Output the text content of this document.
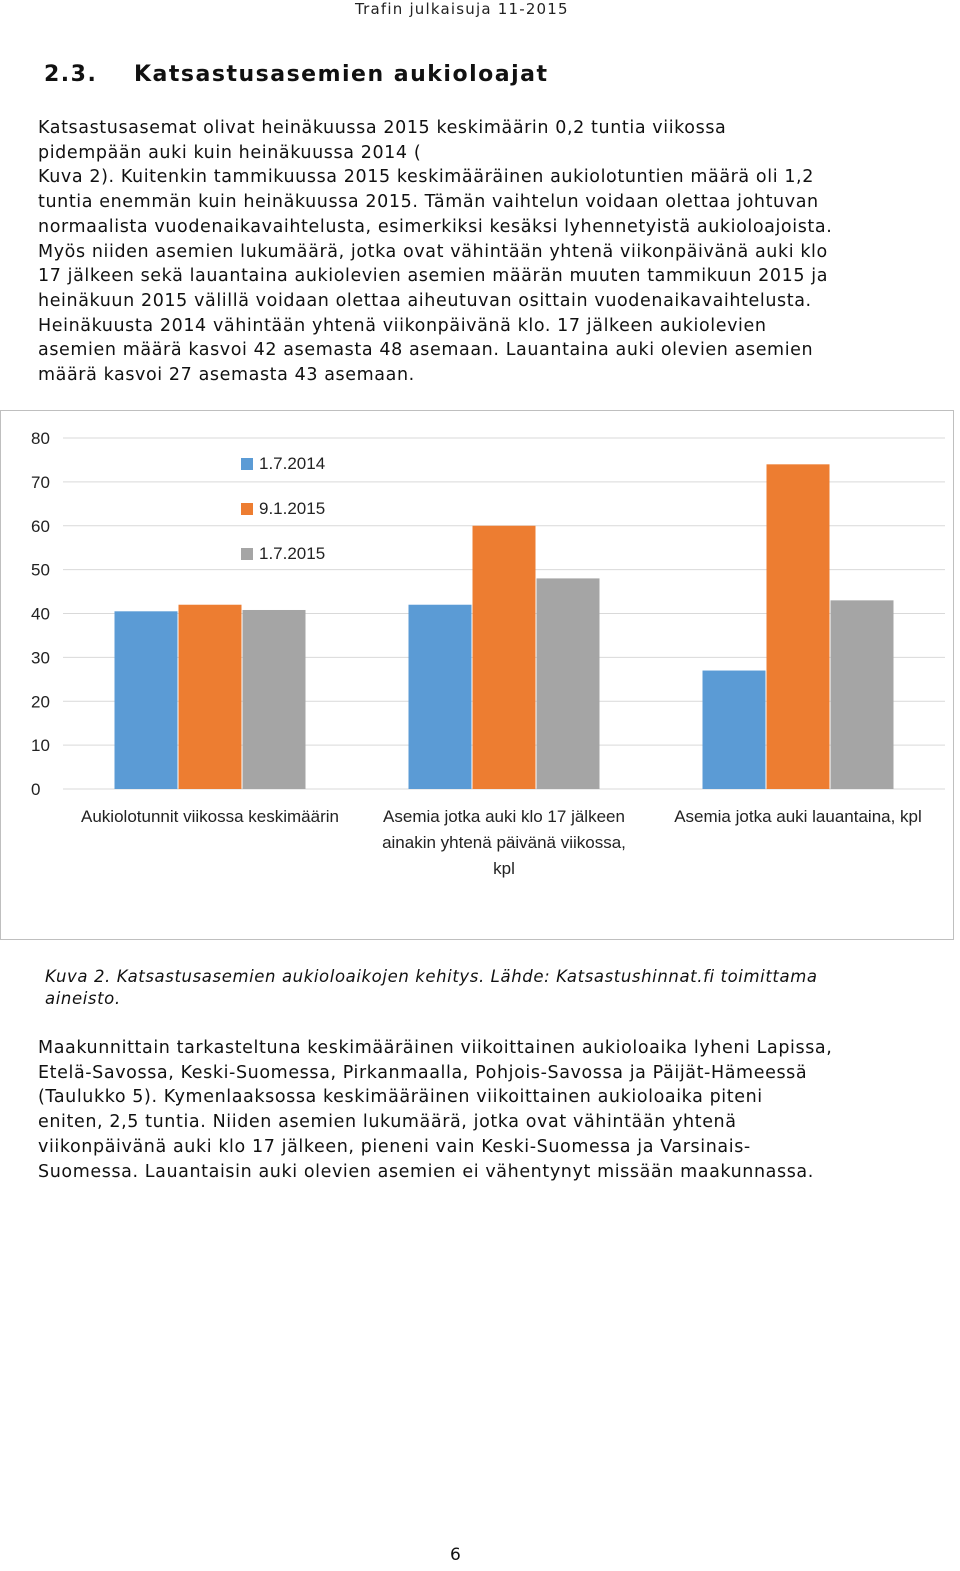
Trafin julkaisuja 11-2015
2.3. Katsastusasemien aukioloajat

Katsastusasemat olivat heinäkuussa 2015 keskimäärin 0,2 tuntia viikossa
pidempään auki kuin heinäkuussa 2014 (
Kuva 2). Kuitenkin tammikuussa 2015 keskimääräinen aukiolotuntien määrä oli 1,2
tuntia enemmän kuin heinäkuussa 2015. Tämän vaihtelun voidaan olettaa johtuvan
normaalista vuodenaikavaihtelusta, esimerkiksi kesäksi lyhennetyistä aukioloajoista.
Myös niiden asemien lukumäärä, jotka ovat vähintään yhtenä viikonpäivänä auki klo
17 jälkeen sekä lauantaina aukiolevien asemien määrän muuten tammikuun 2015 ja
heinäkuun 2015 välillä voidaan olettaa aiheutuvan osittain vuodenaikavaihtelusta.
Heinäkuusta 2014 vähintään yhtenä viikonpäivänä klo. 17 jälkeen aukiolevien
asemien määrä kasvoi 42 asemasta 48 asemaan. Lauantaina auki olevien asemien
määrä kasvoi 27 asemasta 43 asemaan.

0
10
20
30
40
50
60
70
80
Aukiolotunnit viikossa keskimäärin	Asemia jotka auki klo 17 jälkeen
ainakin yhtenä päivänä viikossa,
kpl
Asemia jotka auki lauantaina, kpl
1.7.2014
9.1.2015
1.7.2015
Kuva 2. Katsastusasemien aukioloaikojen kehitys. Lähde: Katsastushinnat.fi toimittama
aineisto.

Maakunnittain tarkasteltuna keskimääräinen viikoittainen aukioloaika lyheni Lapissa,
Etelä-Savossa, Keski-Suomessa, Pirkanmaalla, Pohjois-Savossa ja Päijät-Hämeessä
(Taulukko 5). Kymenlaaksossa keskimääräinen viikoittainen aukioloaika piteni
eniten, 2,5 tuntia. Niiden asemien lukumäärä, jotka ovat vähintään yhtenä
viikonpäivänä auki klo 17 jälkeen, pieneni vain Keski-Suomessa ja Varsinais-
Suomessa. Lauantaisin auki olevien asemien ei vähentynyt missään maakunnassa.

6
